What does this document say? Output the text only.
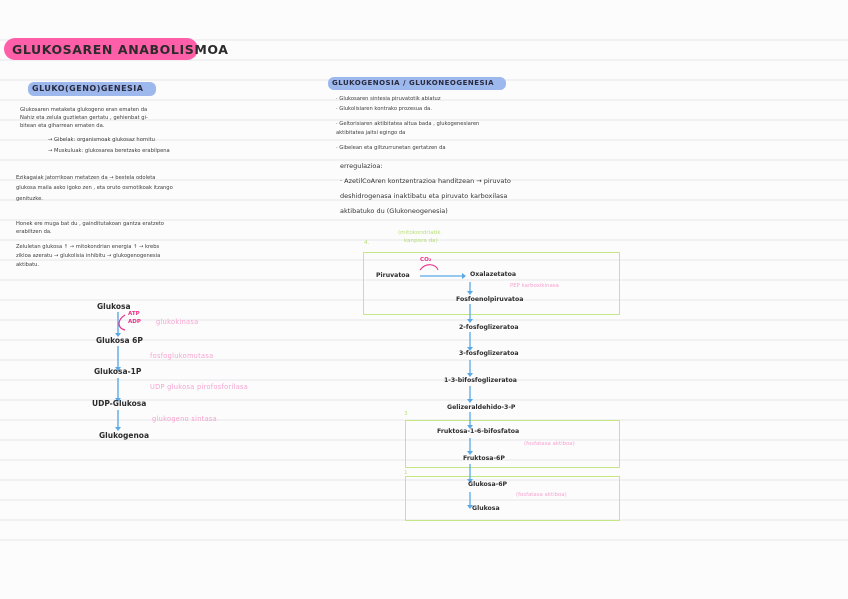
GLUKOSAREN ANABOLISMOA
GLUKO(GENO)GENESIA
Glukosaren metaketa glukogeno eran ematen da
Nahiz eta zelula guztietan gertatu , gehienbat gi-
bitean eta giharrean ematen da.
→ Gibelak: organismoak glukosaz hornitu
→ Muskuluak: glukosarea beretzako erabilpena
Ezikagaiak jatorrikoan metatzen da → bestela odoleta
glukosa maila asko igoko zen , eta oruto osmotikoak itzango
genituzke.
Honek ere muga bat du , gainditutakoan gantza eratzeto
erabiltzen da.
Zeluletan glukosa ↑ → mitokondrian energia ↑ → krebs
zikloa azeratu → glukolisia inhibitu → glukogenogenesia
aktibatu.
Glukosa
ATP
ADP glukokinasa
Glukosa 6P
fosfoglukomutasa
Glukosa-1P
UDP glukosa pirofosforilasa
UDP-Glukosa
glukogeno sintasa
Glukogenoa
GLUKOGENOSIA / GLUKONEOGENESIA
· Glukosaren sintesia piruvatotik abiatuz
· Glukolisiaren kontrako prozesua da.
· Geltorisiaren aktibitatea altua bada , glukogenesiaren
aktibitatea jaitsi egingo da
· Gibelean eta giltzurrunetan gertatzen da
erregulazioa:
· AzetilCoAren kontzentrazioa handitzean → piruvato
deshidrogenasa inaktibatu eta piruvato karboxilasa
aktibatuko du (Glukoneogenesia)
4.
(mitokondriatik
kanpora da)
CO₂
Piruvatoa	Oxalazetatoa
PEP karboxikinasa
Fosfoenolpiruvatoa
2-fosfoglizeratoa
3-fosfoglizeratoa
1-3-bifosfoglizeratoa
Gelizeraldehido-3-P
3
Fruktosa-1-6-bifosfatoa
(fosfatasa aktiboa)
Fruktosa-6P
1
Glukosa-6P
(fosfatasa aktiboa)
Glukosa
